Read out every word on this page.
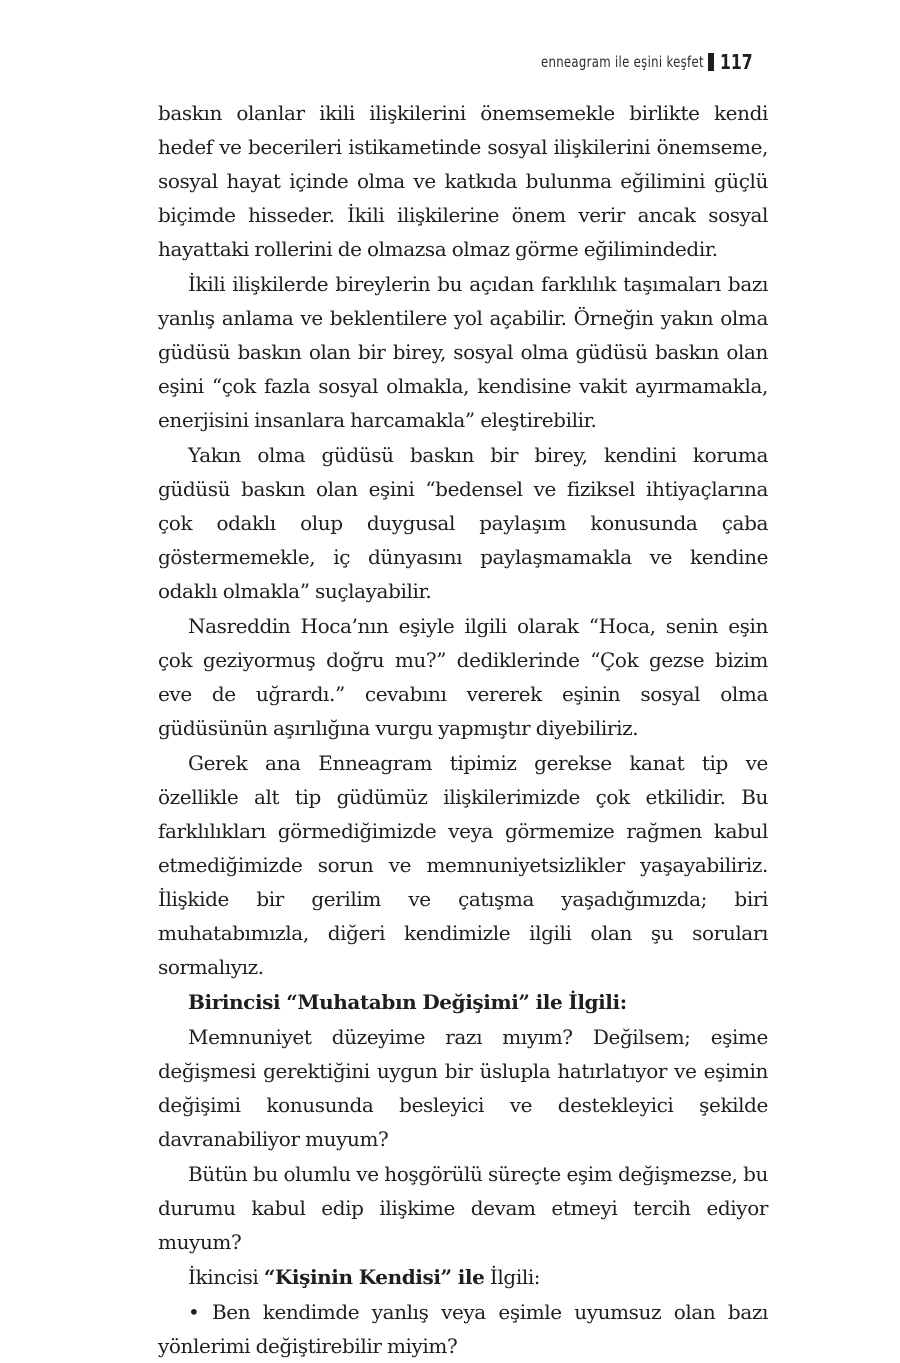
enneagram ile eşini keşfet 117

baskın olanlar ikili ilişkilerini önemsemekle birlikte kendi hedef ve becerileri istikametinde sosyal ilişkilerini önemseme, sosyal hayat içinde olma ve katkıda bulunma eğilimini güçlü biçimde hisseder. İkili ilişkilerine önem verir ancak sosyal hayattaki rollerini de olmazsa olmaz görme eğilimindedir.

İkili ilişkilerde bireylerin bu açıdan farklılık taşımaları bazı yanlış anlama ve beklentilere yol açabilir. Örneğin yakın olma güdüsü baskın olan bir birey, sosyal olma güdüsü baskın olan eşini “çok fazla sosyal olmakla, kendisine vakit ayırmamakla, enerjisini insanlara harcamakla” eleştirebilir.

Yakın olma güdüsü baskın bir birey, kendini koruma güdüsü baskın olan eşini “bedensel ve fiziksel ihtiyaçlarına çok odaklı olup duygusal paylaşım konusunda çaba göstermemekle, iç dünyasını paylaşmamakla ve kendine odaklı olmakla” suçlayabilir.

Nasreddin Hoca’nın eşiyle ilgili olarak “Hoca, senin eşin çok geziyormuş doğru mu?” dediklerinde “Çok gezse bizim eve de uğrardı.” cevabını vererek eşinin sosyal olma güdüsünün aşırılığına vurgu yapmıştır diyebiliriz.

Gerek ana Enneagram tipimiz gerekse kanat tip ve özellikle alt tip güdümüz ilişkilerimizde çok etkilidir. Bu farklılıkları görmediğimizde veya görmemize rağmen kabul etmediğimizde sorun ve memnuniyetsizlikler yaşayabiliriz. İlişkide bir gerilim ve çatışma yaşadığımızda; biri muhatabımızla, diğeri kendimizle ilgili olan şu soruları sormalıyız.

Birincisi “Muhatabın Değişimi” ile İlgili:

Memnuniyet düzeyime razı mıyım? Değilsem; eşime değişmesi gerektiğini uygun bir üslupla hatırlatıyor ve eşimin değişimi konusunda besleyici ve destekleyici şekilde davranabiliyor muyum?

Bütün bu olumlu ve hoşgörülü süreçte eşim değişmezse, bu durumu kabul edip ilişkime devam etmeyi tercih ediyor muyum?

İkincisi “Kişinin Kendisi” ile İlgili:

• Ben kendimde yanlış veya eşimle uyumsuz olan bazı yönlerimi değiştirebilir miyim?
